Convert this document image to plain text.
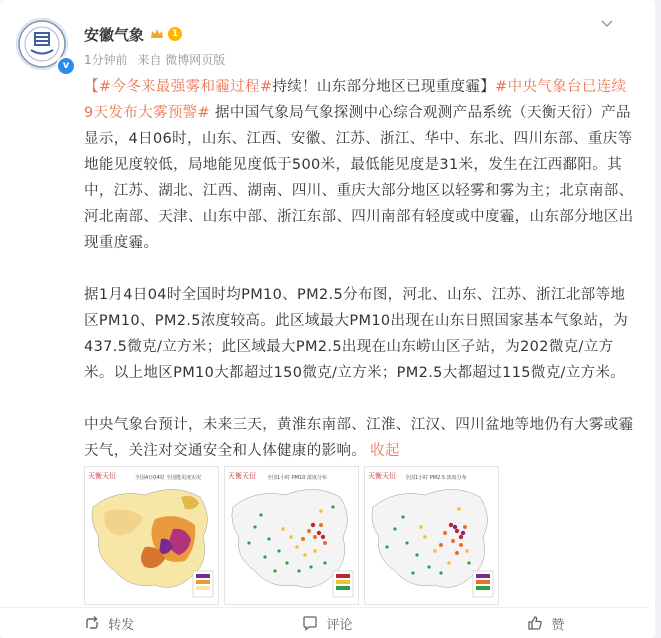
v
安徽气象	1
1分钟前 来自 微博网页版

【#今冬来最强雾和霾过程#持续！山东部分地区已现重度霾】#中央气象台已连续9天发布大雾预警# 据中国气象局气象探测中心综合观测产品系统（天衡天衍）产品显示，4日06时，山东、江西、安徽、江苏、浙江、华中、东北、四川东部、重庆等地能见度较低，局地能见度低于500米，最低能见度是31米，发生在江西鄱阳。其中，江苏、湖北、江西、湖南、四川、重庆大部分地区以轻雾和雾为主；北京南部、河北南部、天津、山东中部、浙江东部、四川南部有轻度或中度霾，山东部分地区出现重度霾。

据1月4日04时全国时均PM10、PM2.5分布图，河北、山东、江苏、浙江北部等地区PM10、PM2.5浓度较高。此区域最大PM10出现在山东日照国家基本气象站，为437.5微克/立方米；此区域最大PM2.5出现在山东崂山区子站，为202微克/立方米。以上地区PM10大都超过150微克/立方米；PM2.5大都超过115微克/立方米。

中央气象台预计，未来三天，黄淮东南部、江淮、江汉、四川盆地等地仍有大雾或霾天气，关注对交通安全和人体健康的影响。 收起

天衡天衍	全国4日04时 全国能见度实况	天衡天衍 全国1小时 PM10 浓度分布	天衡天衍 全国1小时 PM2.5 浓度分布
转发	评论	赞
